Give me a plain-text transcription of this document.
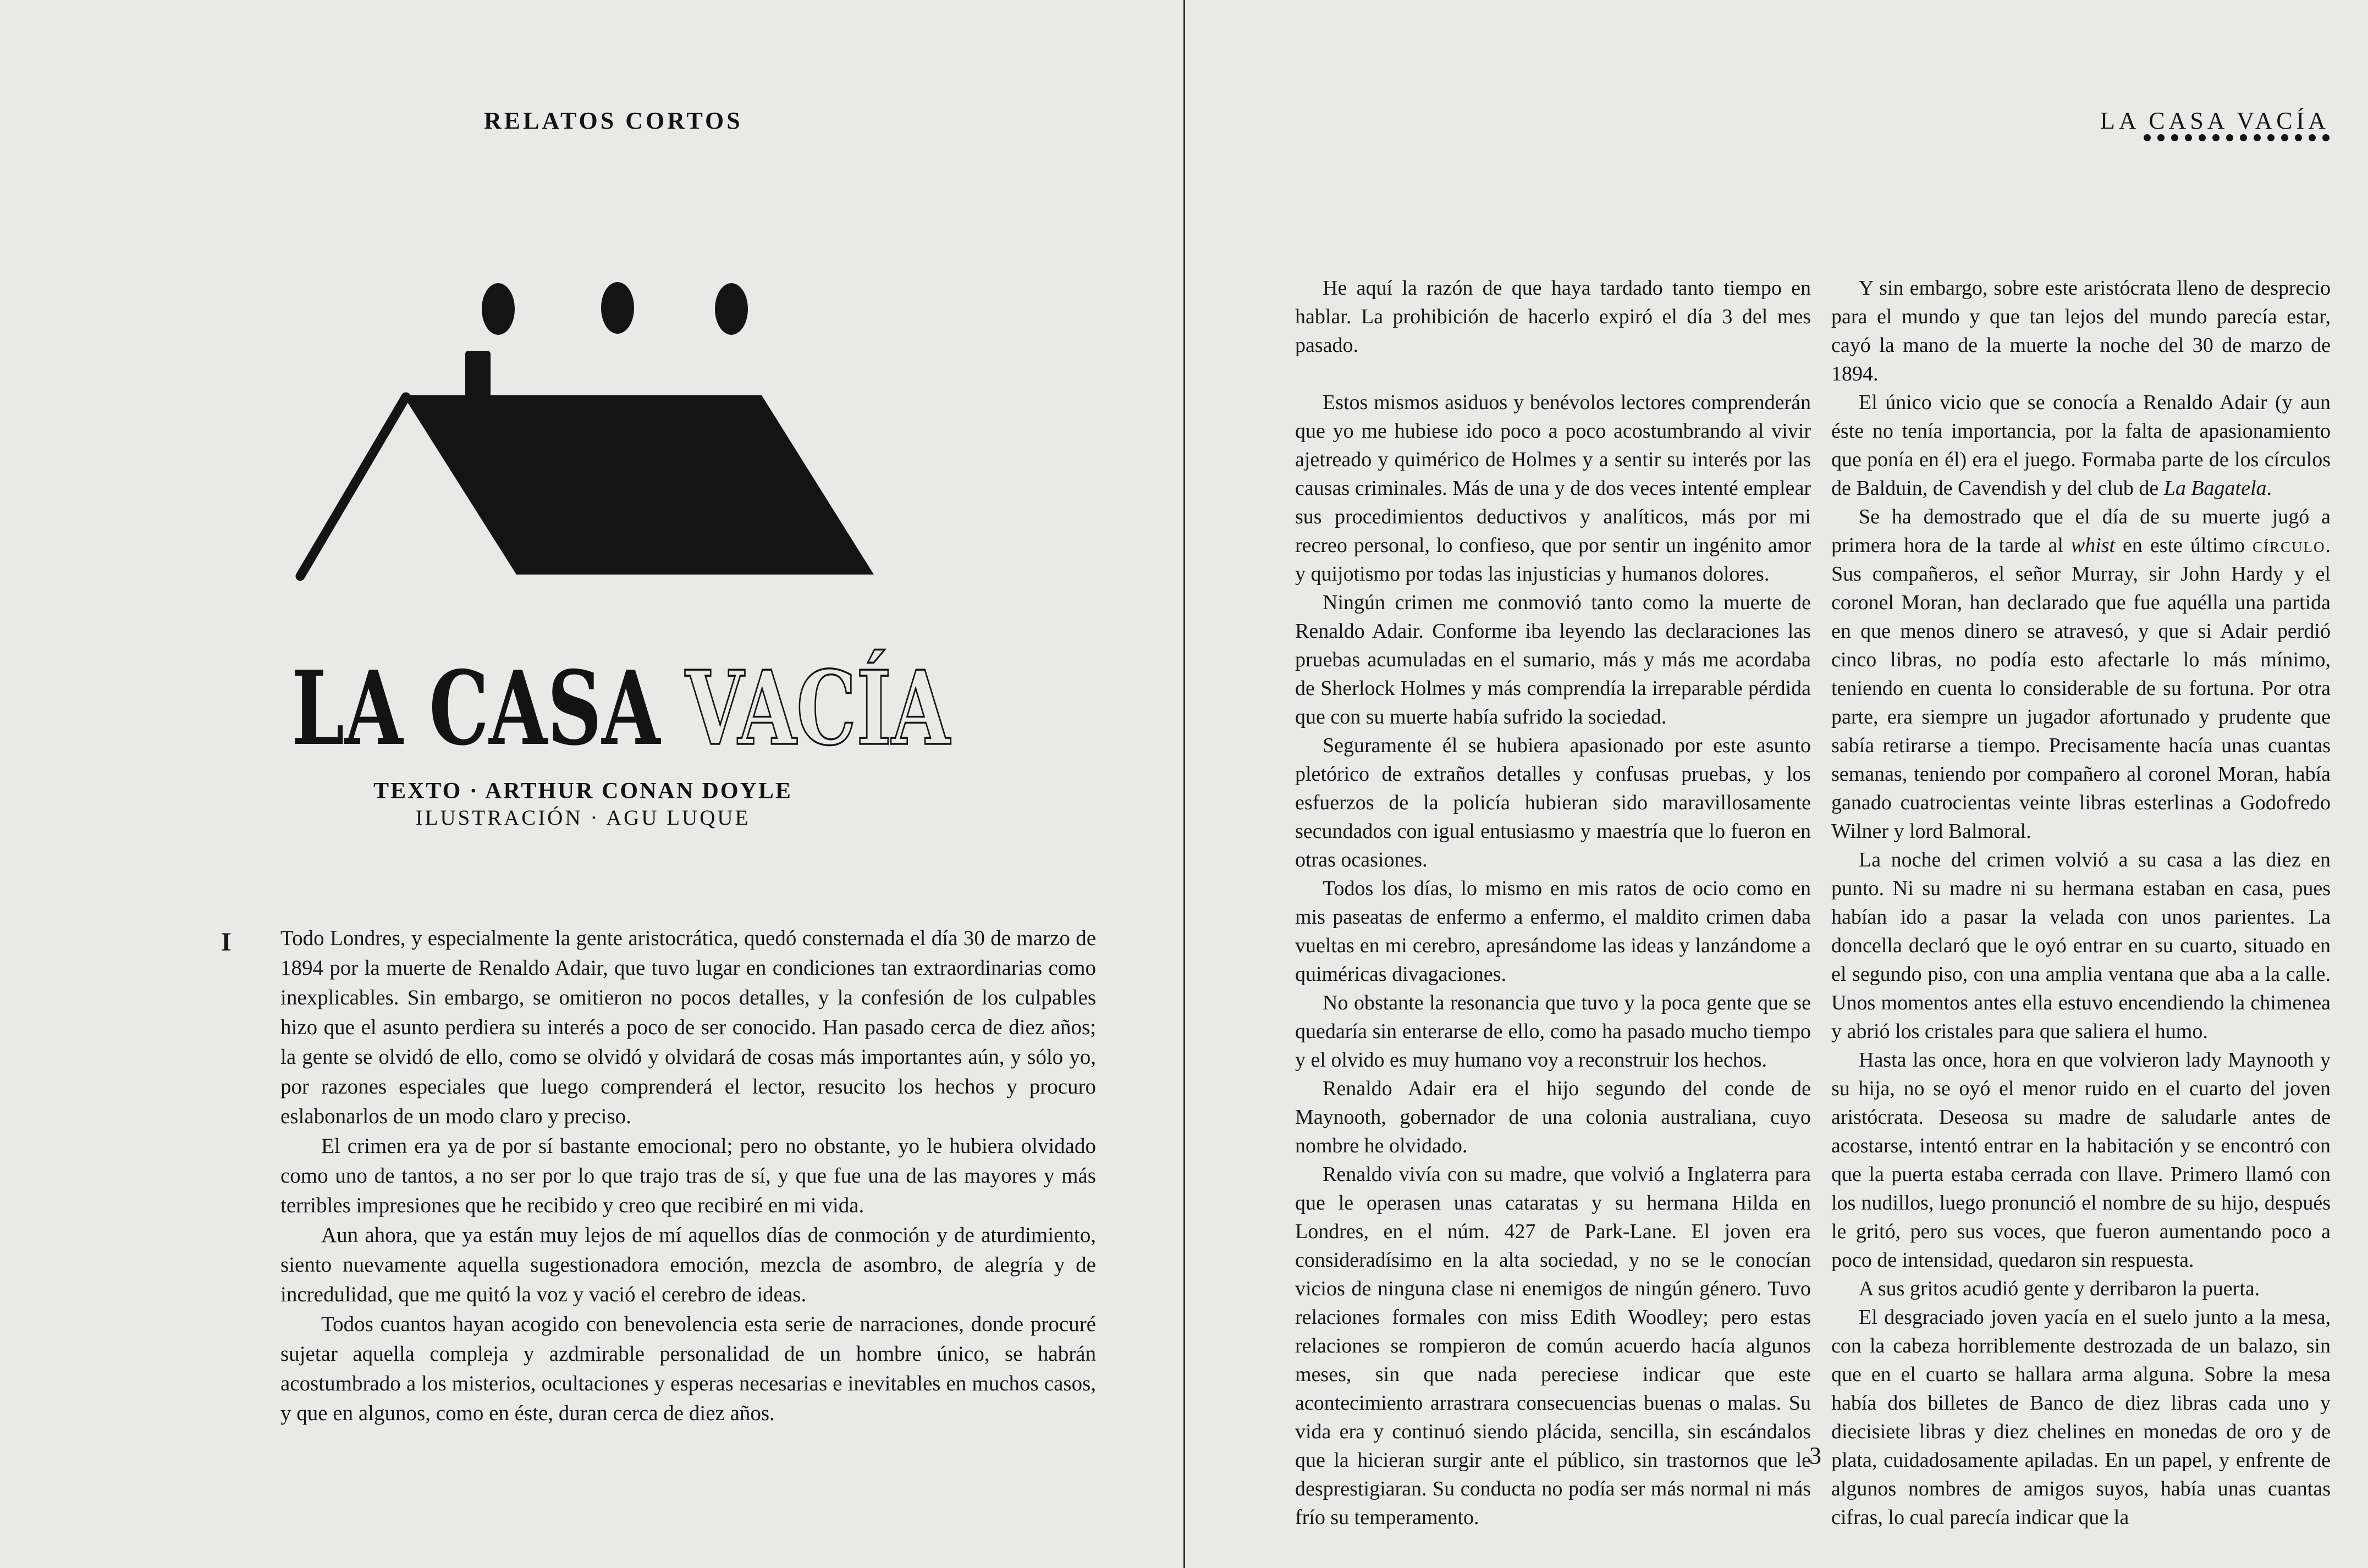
RELATOS CORTOS
LA CASA VACÍA
TEXTO · ARTHUR CONAN DOYLE
ILUSTRACIÓN · AGU LUQUE
I Todo Londres, y especialmente la gente aristocrática, quedó consternada el día 30 de marzo de 1894 por la muerte de Renaldo Adair, que tuvo lugar en condiciones tan extraordinarias como inexplicables. Sin embargo, se omitieron no pocos detalles, y la confesión de los culpables hizo que el asunto perdiera su interés a poco de ser conocido. Han pasado cerca de diez años; la gente se olvidó de ello, como se olvidó y olvidará de cosas más importantes aún, y sólo yo, por razones especiales que luego comprenderá el lector, resucito los hechos y procuro eslabonarlos de un modo claro y preciso.

El crimen era ya de por sí bastante emocional; pero no obstante, yo le hubiera olvidado como uno de tantos, a no ser por lo que trajo tras de sí, y que fue una de las mayores y más terribles impresiones que he recibido y creo que recibiré en mi vida.

Aun ahora, que ya están muy lejos de mí aquellos días de conmoción y de aturdimiento, siento nuevamente aquella sugestionadora emoción, mezcla de asombro, de alegría y de incredulidad, que me quitó la voz y vació el cerebro de ideas.

Todos cuantos hayan acogido con benevolencia esta serie de narraciones, donde procuré sujetar aquella compleja y azdmirable personalidad de un hombre único, se habrán acostumbrado a los misterios, ocultaciones y esperas necesarias e inevitables en muchos casos, y que en algunos, como en éste, duran cerca de diez años.

LA CASA VACÍA

He aquí la razón de que haya tardado tanto tiempo en hablar. La prohibición de hacerlo expiró el día 3 del mes pasado.

Estos mismos asiduos y benévolos lectores comprenderán que yo me hubiese ido poco a poco acostumbrando al vivir ajetreado y quimérico de Holmes y a sentir su interés por las causas criminales. Más de una y de dos veces intenté emplear sus procedimientos deductivos y analíticos, más por mi recreo personal, lo confieso, que por sentir un ingénito amor y quijotismo por todas las injusticias y humanos dolores.

Ningún crimen me conmovió tanto como la muerte de Renaldo Adair. Conforme iba leyendo las declaraciones las pruebas acumuladas en el sumario, más y más me acordaba de Sherlock Holmes y más comprendía la irreparable pérdida que con su muerte había sufrido la sociedad.

Seguramente él se hubiera apasionado por este asunto pletórico de extraños detalles y confusas pruebas, y los esfuerzos de la policía hubieran sido maravillosamente secundados con igual entusiasmo y maestría que lo fueron en otras ocasiones.

Todos los días, lo mismo en mis ratos de ocio como en mis paseatas de enfermo a enfermo, el maldito crimen daba vueltas en mi cerebro, apresándome las ideas y lanzándome a quiméricas divagaciones.

No obstante la resonancia que tuvo y la poca gente que se quedaría sin enterarse de ello, como ha pasado mucho tiempo y el olvido es muy humano voy a reconstruir los hechos.

Renaldo Adair era el hijo segundo del conde de Maynooth, gobernador de una colonia australiana, cuyo nombre he olvidado.

Renaldo vivía con su madre, que volvió a Inglaterra para que le operasen unas cataratas y su hermana Hilda en Londres, en el núm. 427 de Park-Lane. El joven era consideradísimo en la alta sociedad, y no se le conocían vicios de ninguna clase ni enemigos de ningún género. Tuvo relaciones formales con miss Edith Woodley; pero estas relaciones se rompieron de común acuerdo hacía algunos meses, sin que nada pereciese indicar que este acontecimiento arrastrara consecuencias buenas o malas. Su vida era y continuó siendo plácida, sencilla, sin escándalos que la hicieran surgir ante el público, sin trastornos que le desprestigiaran. Su conducta no podía ser más normal ni más frío su temperamento.

Y sin embargo, sobre este aristócrata lleno de desprecio para el mundo y que tan lejos del mundo parecía estar, cayó la mano de la muerte la noche del 30 de marzo de 1894.

El único vicio que se conocía a Renaldo Adair (y aun éste no tenía importancia, por la falta de apasionamiento que ponía en él) era el juego. Formaba parte de los círculos de Balduin, de Cavendish y del club de La Bagatela.

Se ha demostrado que el día de su muerte jugó a primera hora de la tarde al whist en este último círculo. Sus compañeros, el señor Murray, sir John Hardy y el coronel Moran, han declarado que fue aquélla una partida en que menos dinero se atravesó, y que si Adair perdió cinco libras, no podía esto afectarle lo más mínimo, teniendo en cuenta lo considerable de su fortuna. Por otra parte, era siempre un jugador afortunado y prudente que sabía retirarse a tiempo. Precisamente hacía unas cuantas semanas, teniendo por compañero al coronel Moran, había ganado cuatrocientas veinte libras esterlinas a Godofredo Wilner y lord Balmoral.

La noche del crimen volvió a su casa a las diez en punto. Ni su madre ni su hermana estaban en casa, pues habían ido a pasar la velada con unos parientes. La doncella declaró que le oyó entrar en su cuarto, situado en el segundo piso, con una amplia ventana que aba a la calle. Unos momentos antes ella estuvo encendiendo la chimenea y abrió los cristales para que saliera el humo.

Hasta las once, hora en que volvieron lady Maynooth y su hija, no se oyó el menor ruido en el cuarto del joven aristócrata. Deseosa su madre de saludarle antes de acostarse, intentó entrar en la habitación y se encontró con que la puerta estaba cerrada con llave. Primero llamó con los nudillos, luego pronunció el nombre de su hijo, después le gritó, pero sus voces, que fueron aumentando poco a poco de intensidad, quedaron sin respuesta.

A sus gritos acudió gente y derribaron la puerta.

El desgraciado joven yacía en el suelo junto a la mesa, con la cabeza horriblemente destrozada de un balazo, sin que en el cuarto se hallara arma alguna. Sobre la mesa había dos billetes de Banco de diez libras cada uno y diecisiete libras y diez chelines en monedas de oro y de plata, cuidadosamente apiladas. En un papel, y enfrente de algunos nombres de amigos suyos, había unas cuantas cifras, lo cual parecía indicar que la

3
